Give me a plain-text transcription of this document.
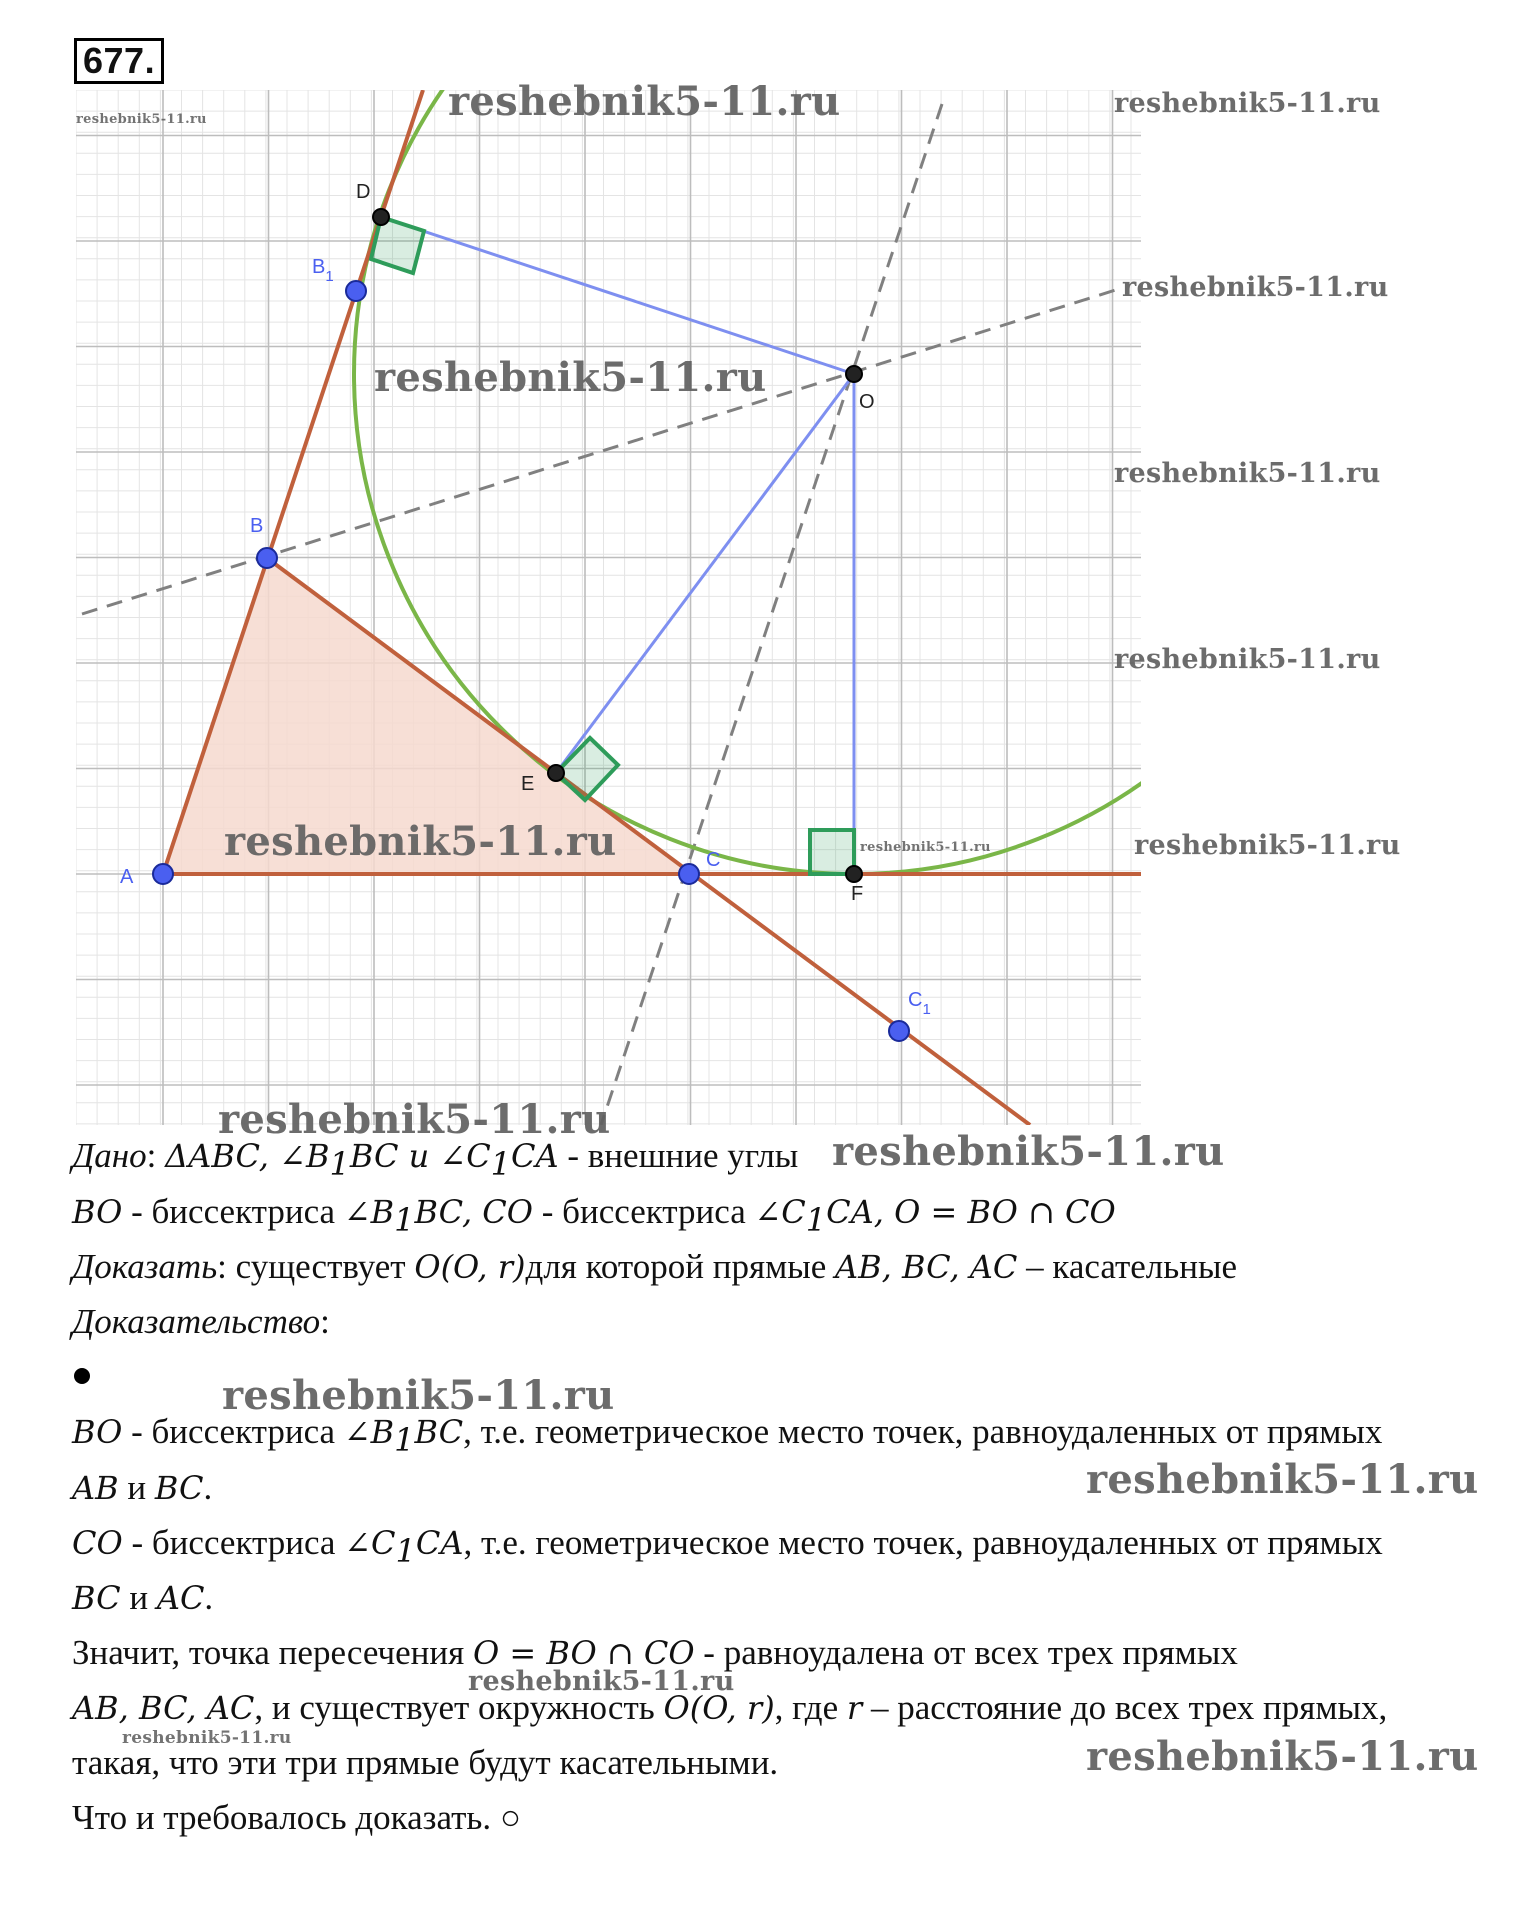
677.
A
B
C
$B_1$
$C_1$
D
E
F
O
reshebnik5-11.ru	reshebnik5-11.ru
reshebnik5-11.ru
reshebnik5-11.ru
reshebnik5-11.ru
reshebnik5-11.ru
reshebnik5-11.ru
reshebnik5-11.ru	reshebnik5-11.ru
reshebnik5-11.ru
reshebnik5-11.ru
reshebnik5-11.ru
reshebnik5-11.ru
reshebnik5-11.ru
reshebnik5-11.ru
reshebnik5-11.ru	reshebnik5-11.ru
Дано: ΔABC, $\angle B_1BC$ и $\angle C_1CA$ - внешние углы
BO - биссектриса $\angle B_1BC$, CO - биссектриса $\angle C_1CA$, O = BO ∩ CO
Доказать: существует O(O, r)для которой прямые AB, BC, AC – касательные
Доказательство:
BO - биссектриса $\angle B_1BC$, т.е. геометрическое место точек, равноудаленных от прямых
AB и BC.
CO - биссектриса $\angle C_1CA$, т.е. геометрическое место точек, равноудаленных от прямых
BC и AC.
Значит, точка пересечения O = BO ∩ CO - равноудалена от всех трех прямых
AB, BC, AC, и существует окружность O(O, r), где r – расстояние до всех трех прямых,
такая, что эти три прямые будут касательными.
Что и требовалось доказать. ○
